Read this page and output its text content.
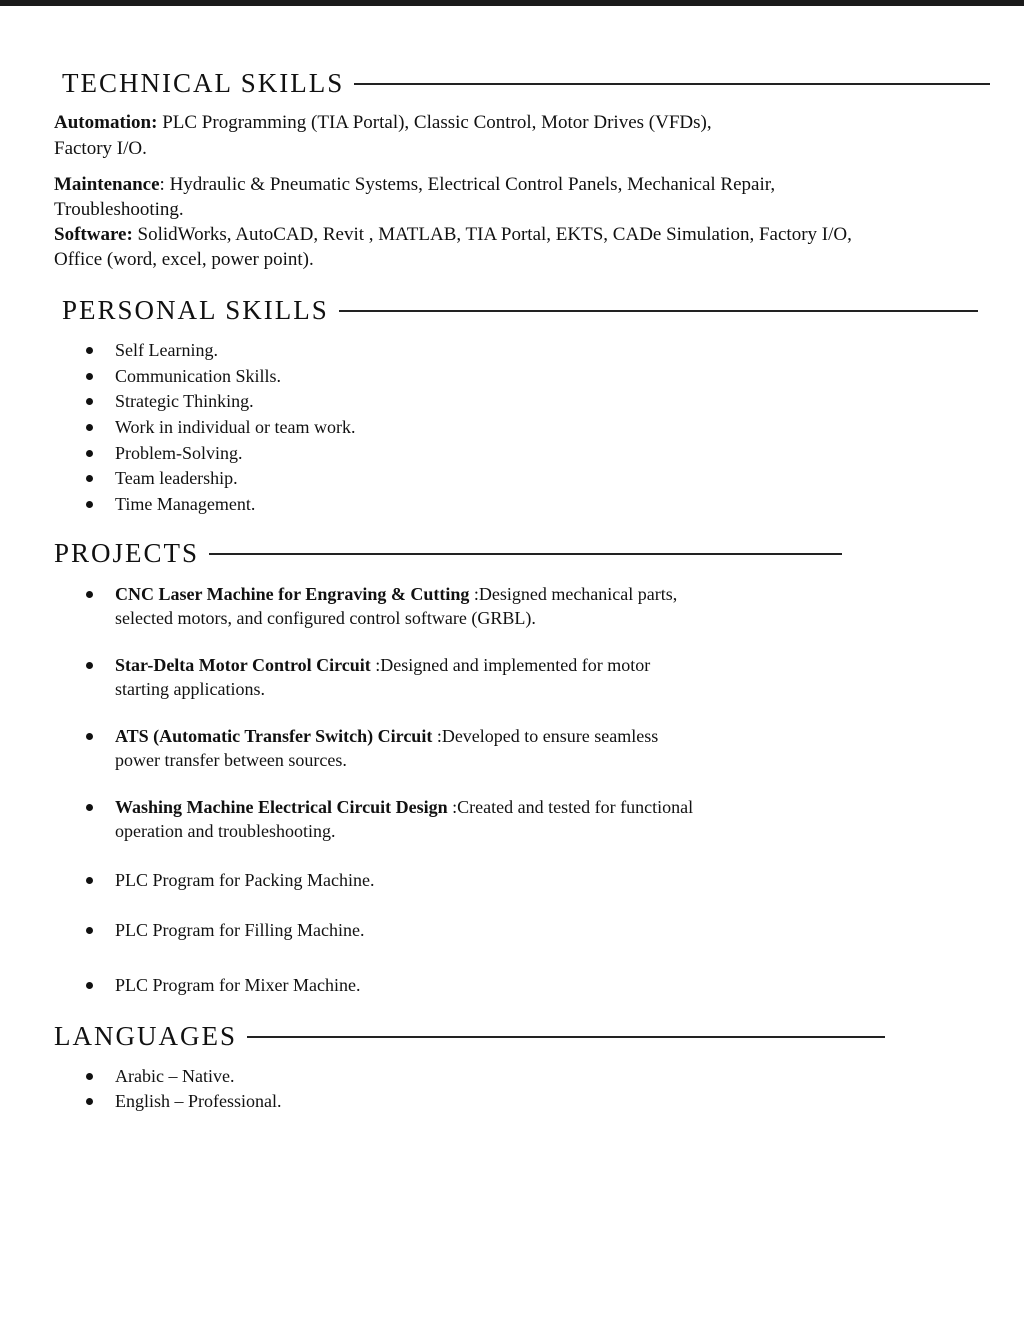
TECHNICAL SKILLS
Automation: PLC Programming (TIA Portal), Classic Control, Motor Drives (VFDs),
Factory I/O.
Maintenance: Hydraulic & Pneumatic Systems, Electrical Control Panels, Mechanical Repair,
Troubleshooting.
Software: SolidWorks, AutoCAD, Revit , MATLAB, TIA Portal, EKTS, CADe Simulation, Factory I/O,
Office (word, excel, power point).
PERSONAL SKILLS
Self Learning.
Communication Skills.
Strategic Thinking.
Work in individual or team work.
Problem-Solving.
Team leadership.
Time Management.
PROJECTS
CNC Laser Machine for Engraving & Cutting :Designed mechanical parts,
selected motors, and configured control software (GRBL).
Star-Delta Motor Control Circuit :Designed and implemented for motor
starting applications.
ATS (Automatic Transfer Switch) Circuit :Developed to ensure seamless
power transfer between sources.
Washing Machine Electrical Circuit Design :Created and tested for functional
operation and troubleshooting.
PLC Program for Packing Machine.
PLC Program for Filling Machine.
PLC Program for Mixer Machine.
LANGUAGES
Arabic – Native.
English – Professional.
